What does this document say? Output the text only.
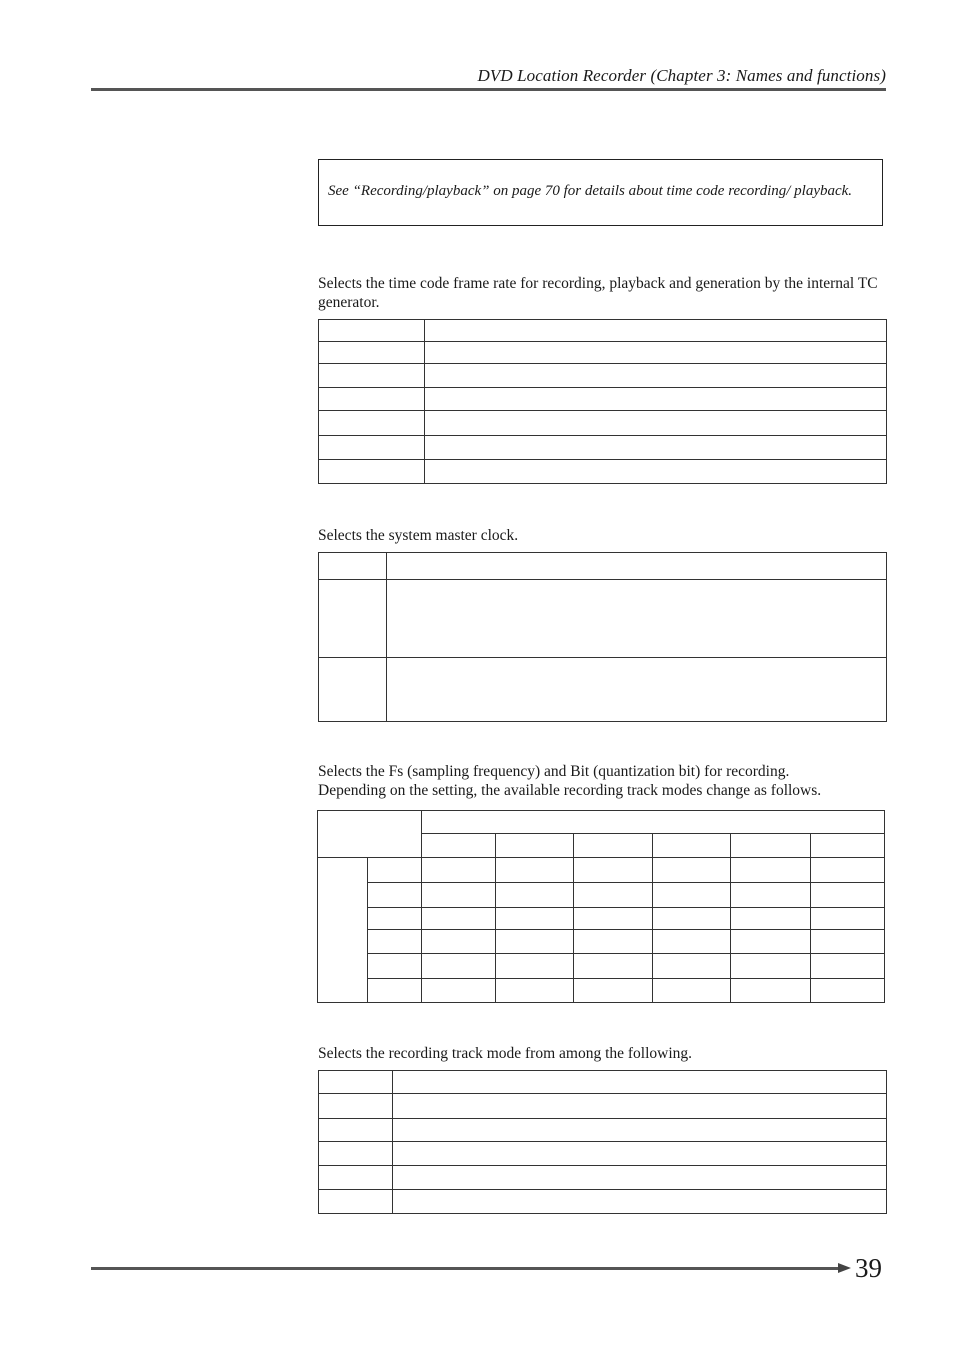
DVD Location Recorder (Chapter 3: Names and functions)
See “Recording/playback” on page 70 for details about time code recording/ playback.
Selects the time code frame rate for recording, playback and generation by the internal TC generator.

Selects the system master clock.

Selects the Fs (sampling frequency) and Bit (quantization bit) for recording.
Depending on the setting, the available recording track modes change as follows.

Selects the recording track mode from among the following.

39
